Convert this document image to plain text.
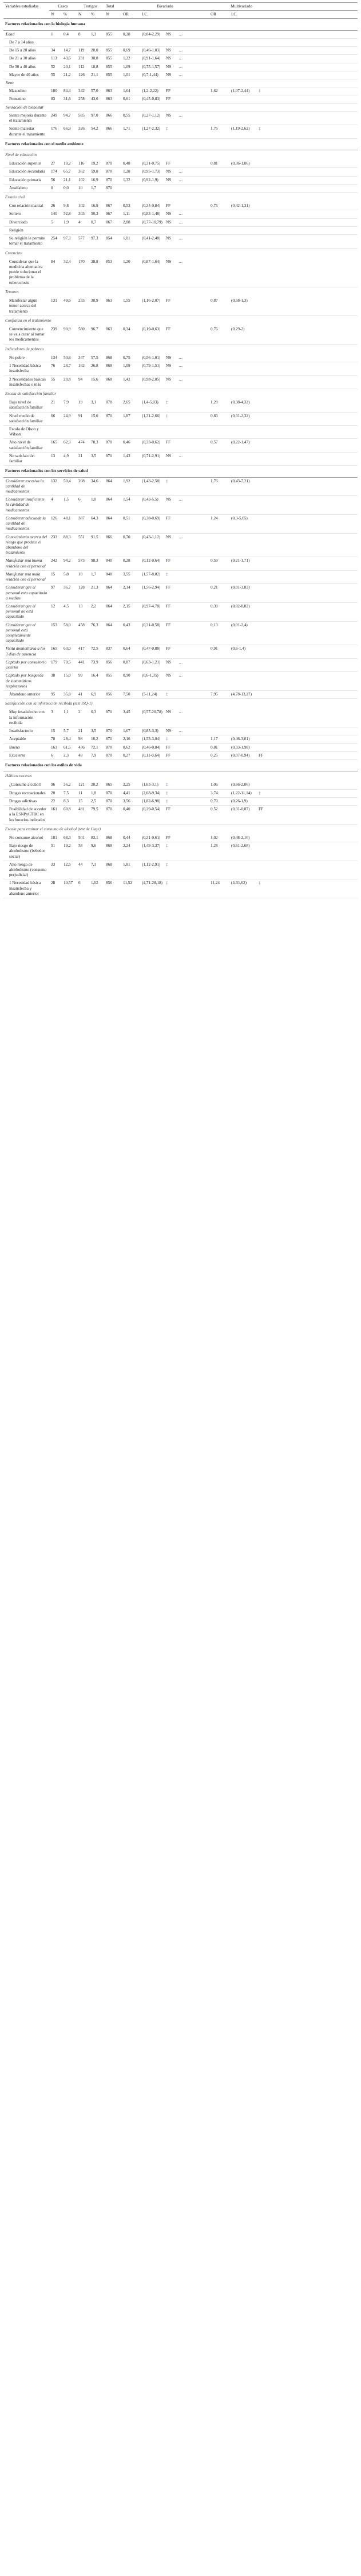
Variables estudiadas	Casos		Testigos		Total	Bivariado				Multivariado			
	N	%	N	%	N	OR	I.C.			OR	I.C.		
Factores relacionados con la biología humana													
Edad	1	0,4	8	1,3	855	0,28	(0,04-2,29)	NS	…				
De 7 a 14 años													
De 15 a 20 años	34	14,7	119	20,0	855	0,69	(0,46-1,03)	NS	…				
De 21 a 30 años	113	43,6	231	38,8	855	1,22	(0,91-1,64)	NS	…				
De 30 a 40 años	52	20,1	112	18,8	855	1,09	(0,75-1,57)	NS	…				
Mayor de 40 años	55	21,2	126	21,1	855	1,01	(0,7-1,44)	NS	…				
Sexo													
Masculino	180	84,4	342	57,0	863	1,64	(1,2-2,22)	FF		1,62	(1,07-2,44)	‡	
Femenino	83	31,6	258	43,0	863	0,61	(0,45-0,83)	FF					
Sensación de bienestar													
Siente mejoría durante el tratamiento	249	94,7	585	97,0	866	0,55	(0,27-1,12)	NS	…				
Siente malestar durante el tratamiento	176	66,9	326	54,2	866	1,71	(1,27-2,32)	‡		1,76	(1,19-2,62)	‡	
Factores relacionados con el medio ambiente													
Nivel de educación													
Educación superior	27	10,2	116	19,2	870	0,48	(0,31-0,75)	FF		0,81	(0,36-1,06)		
Educación secundaria	174	65,7	362	59,8	870	1,28	(0,95-1,73)	NS	…				
Educación primaria	56	21,1	102	16,9	870	1,32	(0,92-1,9)	NS	…				
Analfabeto	0	0,0	10	1,7	870								
Estado civil													
Con relación marital	26	9,8	102	16,9	867	0,53	(0,34-0,84)	FF		0,75	(0,42-1,31)		
Soltero	140	52,8	303	50,3	867	1,11	(0,83-1,48)	NS	…				
Divorciado	5	1,9	4	0,7	867	2,88	(0,77-10,79)	NS	…				
Religión													
Su religión le permite tomar el tratamiento	254	97,3	577	97,3	854	1,01	(0,41-2,48)	NS	…				
Creencias													
Considerar que la medicina alternativa puede solucionar el problema de la tuberculosis	84	32,4	170	28,8	853	1,20	(0,87-1,64)	NS	…				
Temores													
Manifestar algún temor acerca del tratamiento	131	49,6	233	38,9	863	1,55	(1,16-2,07)	FF		0,87	(0,58-1,3)		
Confianza en el tratamiento													
Convencimiento que se va a curar al tomar los medicamentos	239	90,9	580	96,7	863	0,34	(0,19-0,63)	FF		0,76	(0,29-2)		
Indicadores de pobreza													
No pobre	134	50,6	347	57,5	868	0,75	(0,56-1,01)	NS	…				
1 Necesidad básica insatisfecha	76	28,7	162	26,8	868	1,09	(0,79-1,51)	NS	…				
2 Necesidades básicas insatisfechas o más	55	20,8	94	15,6	868	1,42	(0,98-2,05)	NS	…				
Escala de satisfacción familiar													
Bajo nivel de satisfacción familiar	21	7,9	19	3,1	870	2,65	(1,4-5,03)	‡		1,29	(0,38-4,32)		
Nivel medio de satisfacción familiar	66	24,9	91	15,0	870	1,87	(1,31-2,66)	‡		0,83	(0,31-2,32)		
Escala de Olson y Wilson													
Alto nivel de satisfacción familiar	165	62,3	474	78,3	870	0,46	(0,33-0,62)	FF		0,57	(0,22-1,47)		
No satisfacción familiar	13	4,9	21	3,5	870	1,43	(0,71-2,91)	NS	…				
Factores relacionados con los servicios de salud													
Considerar excesiva la cantidad de medicamentos	132	50,4	208	34,6	864	1,92	(1,43-2,58)	‡		1,76	(0,43-7,21)		
Considerar insuficiente la cantidad de medicamentos	4	1,5	6	1,0	864	1,54	(0,43-5,5)	NS	…				
Considerar adecuada la cantidad de medicamentos	126	48,1	387	64,3	864	0,51	(0,38-0,69)	FF		1,24	(0,3-5,05)		
Conocimiento acerca del riesgo que produce el abandono del tratamiento	233	88,3	551	91,5	866	0,70	(0,43-1,12)	NS	…				
Manifestar una buena relación con el personal	242	94,2	573	98,3	840	0,28	(0,12-0,64)	FF		0,59	(0,21-1,71)		
Manifestar una mala relación con el personal	15	5,8	10	1,7	840	3,55	(1,57-8,02)	‡					
Considerar que el personal esta capacitado a medias	97	36,7	128	21,3	864	2,14	(1,56-2,94)	FF		0,21	(0,01-3,83)		
Considerar que el personal no está capacitado	12	4,5	13	2,2	864	2,15	(0,97-4,78)	FF		0,39	(0,02-8,82)		
Considerar que el personal está completamente capacitado	153	58,0	458	76,3	864	0,43	(0,31-0,58)	FF		0,13	(0,01-2,4)		
Visita domiciliaria a los 3 días de ausencia	165	63,0	417	72,5	837	0,64	(0,47-0,88)	FF		0,91	(0,6-1,4)		
Captado por consultorio externo	179	70,5	441	73,9	856	0,87	(0,63-1,21)	NS	…				
Captado por búsqueda de sintomáticos respiratorios	38	15,0	99	16,4	855	0,90	(0,6-1,35)	NS	…				
Abandono anterior	95	35,8	41	6,9	856	7,50	(5-11,24)	‡		7,95	(4,78-13,27)		
Satisfacción con la información recibida (test ISQ-1)													
Muy insatisfecho con la información recibida	3	1,1	2	0,3	870	3,45	(0,57-20,78)	NS	…				
Insatisfactorio	15	5,7	21	3,5	870	1,67	(0,85-3,3)	NS	…				
Aceptable	78	29,4	98	16,2	870	2,16	(1,53-3,04)	‡		1,17	(0,46-3,01)		
Bueno	163	61,5	436	72,1	870	0,62	(0,46-0,84)	FF		0,81	(0,33-1,98)		
Excelente	6	2,3	48	7,9	870	0,27	(0,11-0,64)	FF		0,25	(0,07-0,94)	FF	
Factores relacionados con los estilos de vida													
Hábitos nocivos													
¿Consume alcohol?	96	36,2	121	20,2	865	2,25	(1,63-3,1)	‡		1,06	(0,66-2,06)		
Drogas recreacionales	20	7,5	11	1,8	870	4,41	(2,08-9,34)	‡		3,74	(1,22-11,14)	‡	
Drogas adictivas	22	8,3	15	2,5	870	3,56	(1,82-6,98)	‡		0,70	(0,26-1,9)		
Posibilidad de acceder a la ESNPyCTBC en los horarios indicados	161	60,8	481	79,5	870	0,40	(0,29-0,54)	FF		0,52	(0,31-0,87)	FF	
Escala para evaluar el consumo de alcohol (test de Cage)													
No consume alcohol	181	68,3	501	83,1	868	0,44	(0,31-0,61)	FF		1,02	(0,48-2,16)		
Bajo riesgo de alcoholismo (bebedor social)	51	19,2	58	9,6	868	2,24	(1,49-3,37)	‡		1,28	(0,61-2,68)		
Alto riesgo de alcoholismo (consumo perjudicial)	33	12,5	44	7,3	868	1,81	(1,12-2,91)	‡					
1 Necesidad básica insatisfecha y abandono anterior	28	10,57	6	1,02	856	11,52	(4,71-28,18)	‡		11,24	(4-31,62)	‡	
